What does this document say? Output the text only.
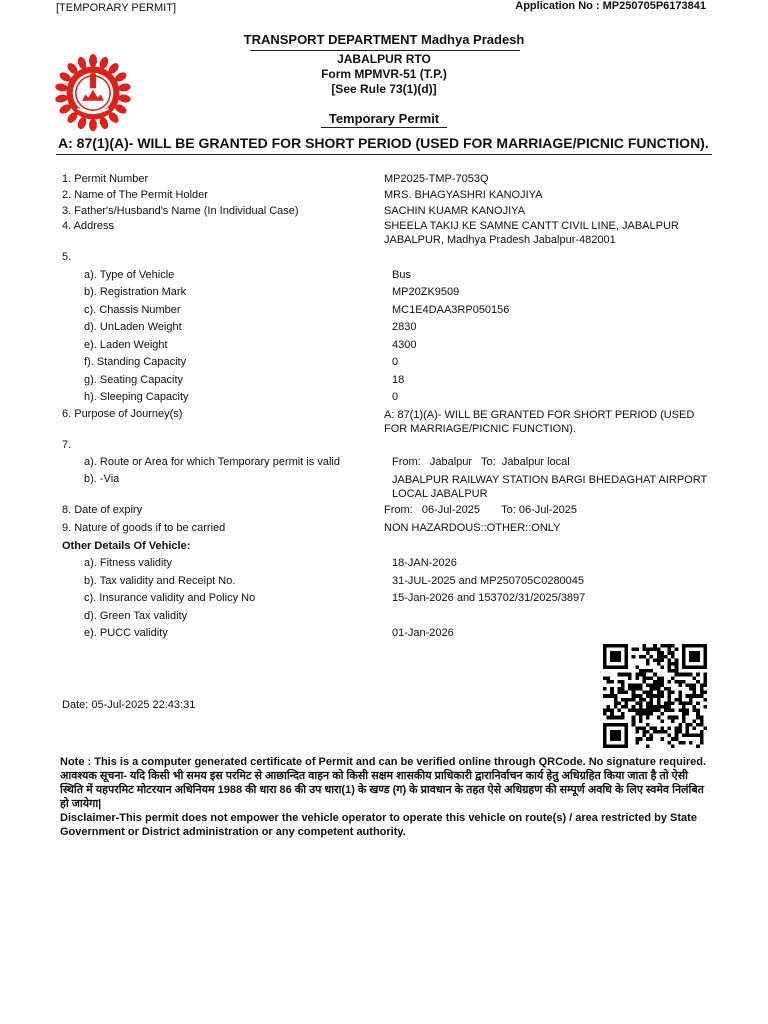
[TEMPORARY PERMIT]	Application No : MP250705P6173841
TRANSPORT DEPARTMENT Madhya Pradesh
JABALPUR RTO
Form MPMVR-51 (T.P.)
[See Rule 73(1)(d)]
Temporary Permit
A: 87(1)(A)- WILL BE GRANTED FOR SHORT PERIOD (USED FOR MARRIAGE/PICNIC FUNCTION).
1. Permit Number	MP2025-TMP-7053Q
2. Name of The Permit Holder	MRS. BHAGYASHRI KANOJIYA
3. Father's/Husband's Name (In Individual Case)	SACHIN KUAMR KANOJIYA
4. Address	SHEELA TAKIJ KE SAMNE CANTT CIVIL LINE, JABALPUR
JABALPUR, Madhya Pradesh Jabalpur-482001
5.
a). Type of Vehicle	Bus
b). Registration Mark	MP20ZK9509
c). Chassis Number	MC1E4DAA3RP050156
d). UnLaden Weight	2830
e). Laden Weight	4300
f). Standing Capacity	0
g). Seating Capacity	18
h). Sleeping Capacity	0
6. Purpose of Journey(s)	A: 87(1)(A)- WILL BE GRANTED FOR SHORT PERIOD (USED FOR MARRIAGE/PICNIC FUNCTION).
7.
a). Route or Area for which Temporary permit is valid	From:   Jabalpur   To:  Jabalpur local
b). -Via	JABALPUR RAILWAY STATION BARGI BHEDAGHAT AIRPORT LOCAL JABALPUR
8. Date of expiry	From:   06-Jul-2025       To: 06-Jul-2025
9. Nature of goods if to be carried	NON HAZARDOUS::OTHER::ONLY
Other Details Of Vehicle:
a). Fitness validity	18-JAN-2026
b). Tax validity and Receipt No.	31-JUL-2025 and MP250705C0280045
c). Insurance validity and Policy No	15-Jan-2026 and 153702/31/2025/3897
d). Green Tax validity
e). PUCC validity	01-Jan-2026
Date: 05-Jul-2025 22:43:31

Note : This is a computer generated certificate of Permit and can be verified online through QRCode. No signature required.

आवश्यक सूचना- यदि किसी भी समय इस परमिट से आछान्दित वाहन को किसी सक्षम शासकीय प्राधिकारी द्वारानिर्वाचन कार्य हेतु अधिग्रहित किया जाता है तो ऐसी स्थिति में यहपरमिट मोटरयान अधिनियम 1988 की धारा 86 की उप धारा(1) के खण्ड (ग) के प्रावधान के तहत ऐसे अधिग्रहण की सम्पूर्ण अवधि के लिए स्वमेव निलंबित हो जायेगा|

Disclaimer-This permit does not empower the vehicle operator to operate this vehicle on route(s) / area restricted by State Government or District administration or any competent authority.
